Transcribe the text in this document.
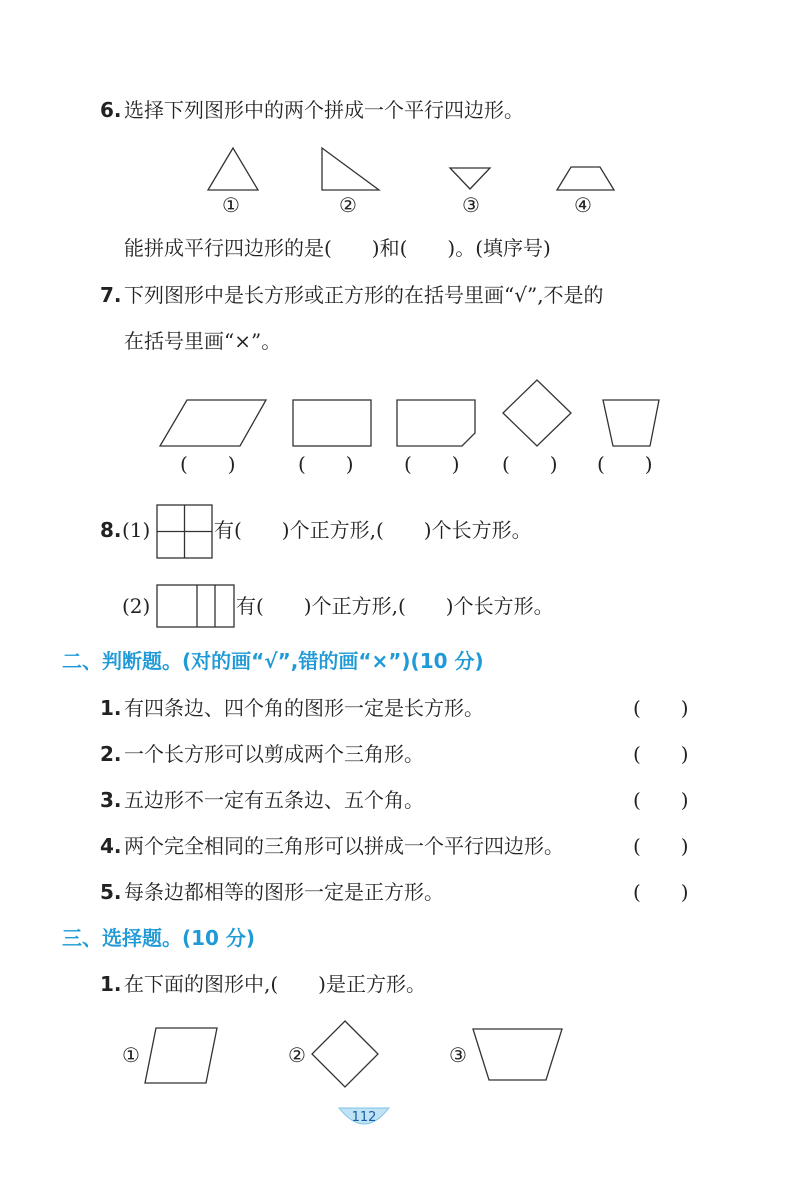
6. 选择下列图形中的两个拼成一个平行四边形。
①	②	③	④
能拼成平行四边形的是(　　)和(　　)。(填序号)
7. 下列图形中是长方形或正方形的在括号里画“√”,不是的
在括号里画“×”。
(　　)	(　　)	(　　) (　　) (　　)
8. (1)	有(　　)个正方形,(　　)个长方形。
(2)	有(　　)个正方形,(　　)个长方形。
二、判断题。(对的画“√”,错的画“×”)(10 分)
1. 有四条边、四个角的图形一定是长方形。	(　　)
2. 一个长方形可以剪成两个三角形。	(　　)
3. 五边形不一定有五条边、五个角。	(　　)
4. 两个完全相同的三角形可以拼成一个平行四边形。	(　　)
5. 每条边都相等的图形一定是正方形。	(　　)
三、选择题。(10 分)
1. 在下面的图形中,(　　)是正方形。
①	②	③
112
